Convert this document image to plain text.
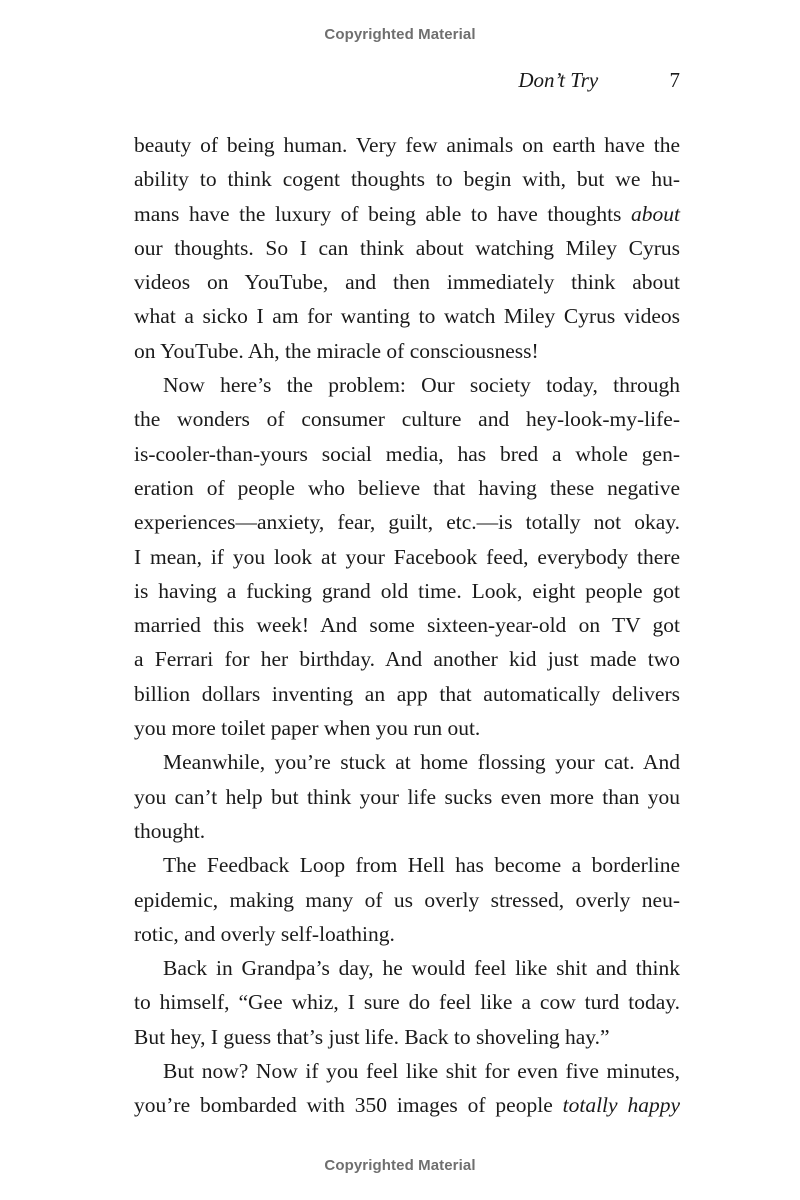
Copyrighted Material
Don’t Try	7
beauty of being human. Very few animals on earth have the
ability to think cogent thoughts to begin with, but we hu-
mans have the luxury of being able to have thoughts about
our thoughts. So I can think about watching Miley Cyrus
videos on YouTube, and then immediately think about
what a sicko I am for wanting to watch Miley Cyrus videos
on YouTube. Ah, the miracle of consciousness!
Now here’s the problem: Our society today, through
the wonders of consumer culture and hey-look-my-life-
is-cooler-than-yours social media, has bred a whole gen-
eration of people who believe that having these negative
experiences—anxiety, fear, guilt, etc.—is totally not okay.
I mean, if you look at your Facebook feed, everybody there
is having a fucking grand old time. Look, eight people got
married this week! And some sixteen-year-old on TV got
a Ferrari for her birthday. And another kid just made two
billion dollars inventing an app that automatically delivers
you more toilet paper when you run out.
Meanwhile, you’re stuck at home flossing your cat. And
you can’t help but think your life sucks even more than you
thought.
The Feedback Loop from Hell has become a borderline
epidemic, making many of us overly stressed, overly neu-
rotic, and overly self-loathing.
Back in Grandpa’s day, he would feel like shit and think
to himself, “Gee whiz, I sure do feel like a cow turd today.
But hey, I guess that’s just life. Back to shoveling hay.”
But now? Now if you feel like shit for even five minutes,
you’re bombarded with 350 images of people totally happy
Copyrighted Material
